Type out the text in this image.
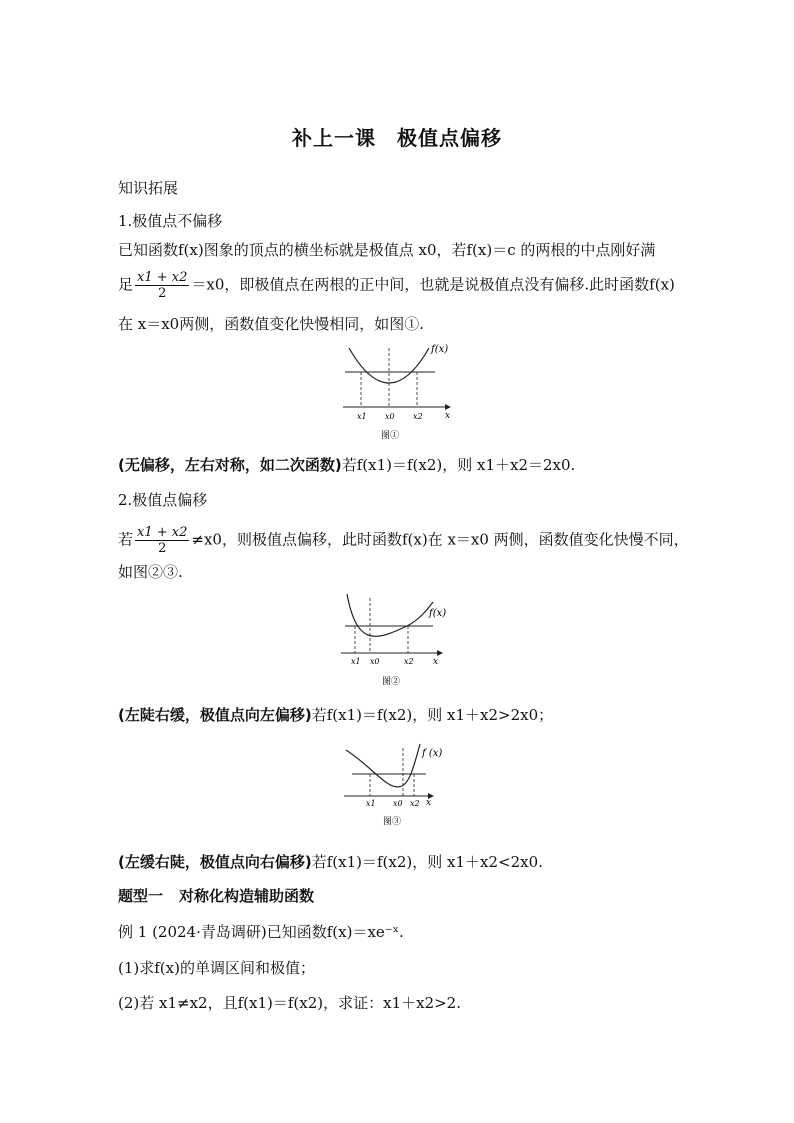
补上一课　极值点偏移
知识拓展
1.极值点不偏移
已知函数f(x)图象的顶点的横坐标就是极值点 x0，若f(x)＝c 的两根的中点刚好满
足 $\frac{x1 + x2}{2} =x0$，即极值点在两根的正中间，也就是说极值点没有偏移.此时函数f(x)
在 x＝x0两侧，函数值变化快慢相同，如图①.
f(x)
x1 x0 x2 x
图①
(无偏移，左右对称，如二次函数)若f(x1)＝f(x2)，则 x1＋x2＝2x0.
2.极值点偏移
若 $\frac{x1 + x2}{2} \ne x0$，则极值点偏移，此时函数f(x)在 x＝x0 两侧，函数值变化快慢不同，
如图②③.
f(x)
x1 x0	x2 x
图②
(左陡右缓，极值点向左偏移)若f(x1)＝f(x2)，则 x1＋x2>2x0；
f (x)
x1 x0 x2 x
图③
(左缓右陡，极值点向右偏移)若f(x1)＝f(x2)，则 x1＋x2<2x0.
题型一 对称化构造辅助函数
例 1 (2024·青岛调研)已知函数f(x)＝xe⁻ˣ.
(1)求f(x)的单调区间和极值；
(2)若 x1≠x2，且f(x1)＝f(x2)，求证：x1＋x2>2.
